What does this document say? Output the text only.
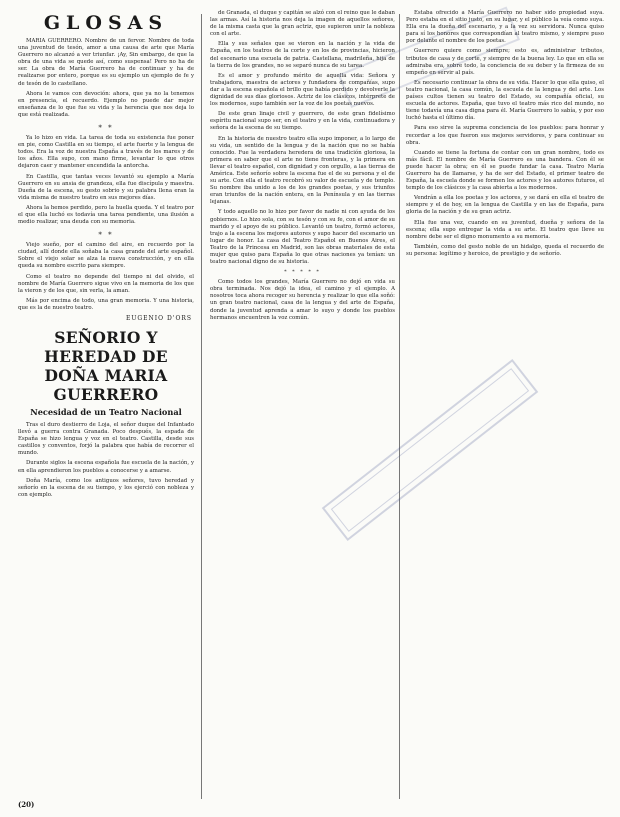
GLOSAS

MARIA GUERRERO. Nombre de un fervor. Nombre de toda una juventud de tesón, amor a una causa de arte que María Guerrero no alcanzó a ver triunfar. ¡Ay, Sin embargo, de que la obra de una vida se quede así, como suspensa! Pero no ha de ser. La obra de María Guerrero ha de continuar y ha de realizarse por entero, porque es su ejemplo un ejemplo de fe y de tesón de lo castellano.

Ahora le vamos con devoción: ahora, que ya no la tenemos en presencia, el recuerdo. Ejemplo no puede dar mejor enseñanza de lo que fue su vida y la herencia que nos deja lo que está realizada.

* *

Ya lo hizo en vida. La tarea de toda su existencia fue poner en pie, como Castilla en su tiempo, el arte fuerte y la lengua de todos. Era la voz de nuestra España a través de los mares y de los años. Ella supo, con mano firme, levantar lo que otros dejaron caer y mantener encendida la antorcha.

En Castilla, que tantas veces levantó su ejemplo a María Guerrero en su ansia de grandeza, ella fue discípula y maestra. Dueña de la escena, su gesto sobrio y su palabra llena eran la vida misma de nuestro teatro en sus mejores días.

Ahora la hemos perdido, pero la huella queda. Y el teatro por el que ella luchó es todavía una tarea pendiente, una ilusión a medio realizar, una deuda con su memoria.

* *

Viejo sueño, por el camino del aire, en recuerdo por la ciudad, allí donde ella soñaba la casa grande del arte español. Sobre el viejo solar se alza la nueva construcción, y en ella queda su nombre escrito para siempre.

Como el teatro no depende del tiempo ni del olvido, el nombre de María Guerrero sigue vivo en la memoria de los que la vieron y de los que, sin verla, la aman.

Más por encima de todo, una gran memoria. Y una historia, que es la de nuestro teatro.

EUGENIO D'ORS
SEÑORIO Y HEREDAD DE DOÑA MARIA GUERRERO
Necesidad de un Teatro Nacional

Tras el duro destierro de Loja, el señor duque del Infantado llevó a guerra contra Granada. Poco después, la espada de España se hizo lengua y voz en el teatro. Castilla, desde sus castillos y conventos, forjó la palabra que había de recorrer el mundo.

Durante siglos la escena española fue escuela de la nación, y en ella aprendieron los pueblos a conocerse y a amarse.

Doña María, como los antiguos señores, tuvo heredad y señorío en la escena de su tiempo, y los ejerció con nobleza y con ejemplo.

de Granada, el duque y capitán se alzó con el reino que le daban las armas. Así la historia nos deja la imagen de aquellos señores, de la misma casta que la gran actriz, que supieron unir la nobleza con el arte.

Ella y sus señales que se vieron en la nación y la vida de España, en los teatros de la corte y en los de provincias, hicieron del escenario una escuela de patria. Castellana, madrileña, hija de la tierra de los grandes, no se separó nunca de su tarea.

Es el amor y profundo mérito de aquella vida: Señora y trabajadora, maestra de actores y fundadora de compañías, supo dar a la escena española el brillo que había perdido y devolverle la dignidad de sus días gloriosos. Actriz de los clásicos, intérprete de los modernos, supo también ser la voz de los poetas nuevos.

De este gran linaje civil y guerrero, de este gran fidelísimo espíritu nacional supo ser, en el teatro y en la vida, continuadora y señora de la escena de su tiempo.

En la historia de nuestro teatro ella supo imponer, a lo largo de su vida, un sentido de la lengua y de la nación que no se había conocido. Fue la verdadera heredera de una tradición gloriosa, la primera en saber que el arte no tiene fronteras, y la primera en llevar el teatro español, con dignidad y con orgullo, a las tierras de América. Este señorío sobre la escena fue el de su persona y el de su arte. Con ella el teatro recobró su valor de escuela y de templo. Su nombre iba unido a los de los grandes poetas, y sus triunfos eran triunfos de la nación entera, en la Península y en las tierras lejanas.

Y todo aquello no lo hizo por favor de nadie ni con ayuda de los gobiernos. Lo hizo sola, con su tesón y con su fe, con el amor de su marido y el apoyo de su público. Levantó un teatro, formó actores, trajo a la escena los mejores autores y supo hacer del escenario un lugar de honor. La casa del Teatro Español en Buenos Aires, el Teatro de la Princesa en Madrid, son las obras materiales de esta mujer que quiso para España lo que otras naciones ya tenían: un teatro nacional digno de su historia.

* * * * *

Como todos los grandes, María Guerrero no dejó en vida su obra terminada. Nos dejó la idea, el camino y el ejemplo. A nosotros toca ahora recoger su herencia y realizar lo que ella soñó: un gran teatro nacional, casa de la lengua y del arte de España, donde la juventud aprenda a amar lo suyo y donde los pueblos hermanos encuentren la voz común.

Estaba ofrecido a María Guerrero no haber sido propiedad suya. Pero estaba en el sitio justo, en su lugar, y el público la veía como suya. Ella era la dueña del escenario, y a la vez su servidora. Nunca quiso para sí los honores que correspondían al teatro mismo, y siempre puso por delante el nombre de los poetas.

Guerrero quiere como siempre; esto es, administrar tributos, tributos de casa y de corte, y siempre de la buena ley. Lo que en ella se admiraba era, sobre todo, la conciencia de su deber y la firmeza de su empeño en servir al país.

Es necesario continuar la obra de su vida. Hacer lo que ella quiso, el teatro nacional, la casa común, la escuela de la lengua y del arte. Los países cultos tienen su teatro del Estado, su compañía oficial, su escuela de actores. España, que tuvo el teatro más rico del mundo, no tiene todavía una casa digna para él. María Guerrero lo sabía, y por eso luchó hasta el último día.

Para eso sirve la suprema conciencia de los pueblos: para honrar y recordar a los que fueron sus mejores servidores, y para continuar su obra.

Cuando se tiene la fortuna de contar con un gran nombre, todo es más fácil. El nombre de María Guerrero es una bandera. Con él se puede hacer la obra; en él se puede fundar la casa. Teatro María Guerrero ha de llamarse, y ha de ser del Estado, el primer teatro de España, la escuela donde se formen los actores y los autores futuros, el templo de los clásicos y la casa abierta a los modernos.

Vendrán a ella los poetas y los actores, y se dará en ella el teatro de siempre y el de hoy, en la lengua de Castilla y en las de España, para gloria de la nación y de su gran actriz.

Ella fue una vez, cuando en su juventud, dueña y señora de la escena; ella supo entregar la vida a su arte. El teatro que lleve su nombre debe ser el digno monumento a su memoria.

También, como del gesto noble de un hidalgo, queda el recuerdo de su persona: legítimo y heroico, de prestigio y de señorío.

(20)
